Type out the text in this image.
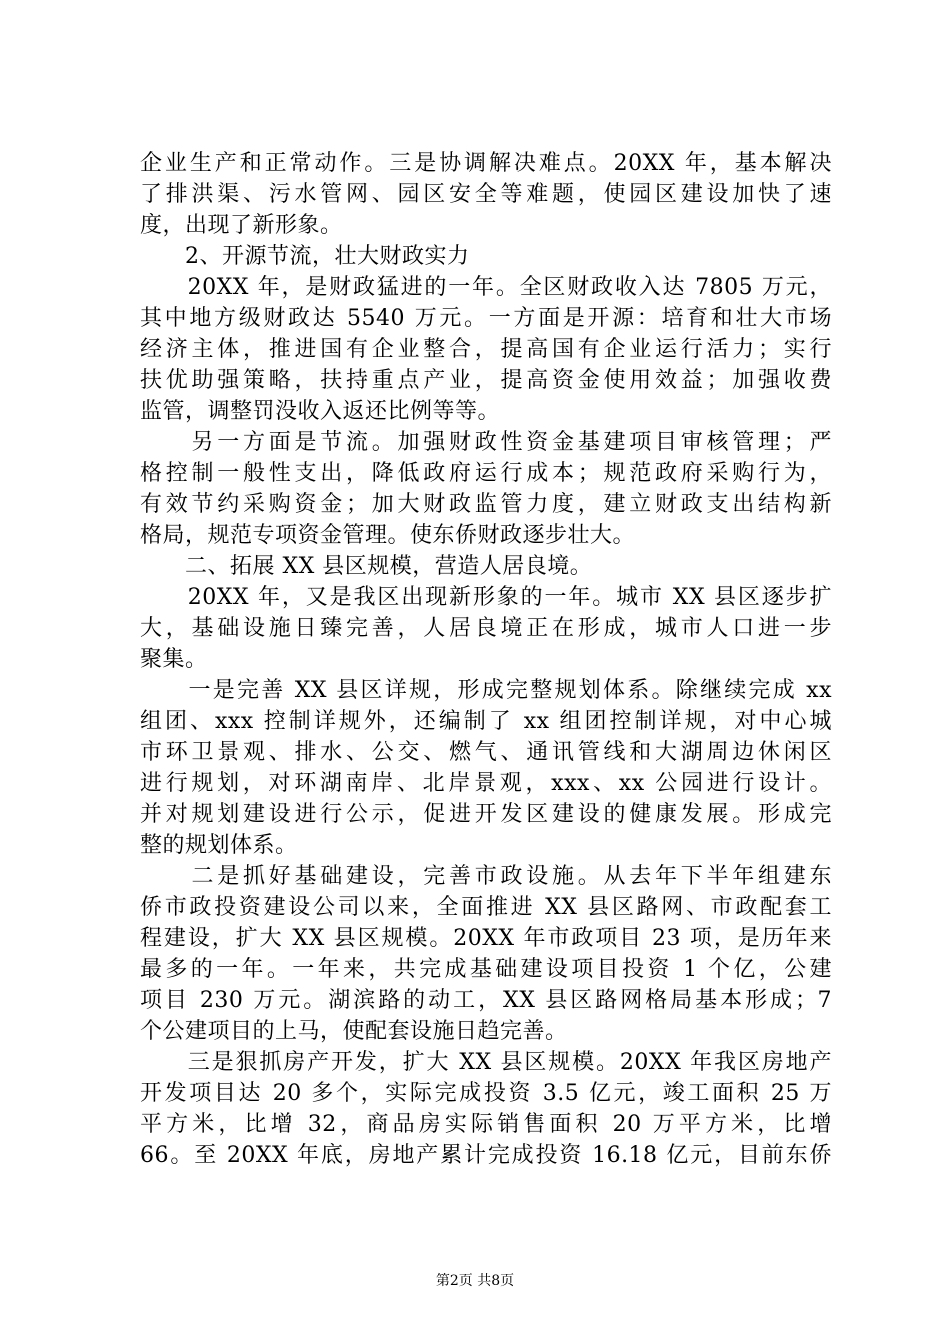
企业生产和正常动作。三是协调解决难点。20XX 年，基本解决
了排洪渠、污水管网、园区安全等难题，使园区建设加快了速
度，出现了新形象。
　　2、开源节流，壮大财政实力
　　20XX 年，是财政猛进的一年。全区财政收入达 7805 万元，
其中地方级财政达 5540 万元。一方面是开源：培育和壮大市场
经济主体，推进国有企业整合，提高国有企业运行活力；实行
扶优助强策略，扶持重点产业，提高资金使用效益；加强收费
监管，调整罚没收入返还比例等等。
　　另一方面是节流。加强财政性资金基建项目审核管理；严
格控制一般性支出，降低政府运行成本；规范政府采购行为，
有效节约采购资金；加大财政监管力度，建立财政支出结构新
格局，规范专项资金管理。使东侨财政逐步壮大。
　　二、拓展 XX 县区规模，营造人居良境。
　　20XX 年，又是我区出现新形象的一年。城市 XX 县区逐步扩
大，基础设施日臻完善，人居良境正在形成，城市人口进一步
聚集。
　　一是完善 XX 县区详规，形成完整规划体系。除继续完成 xx
组团、xxx 控制详规外，还编制了 xx 组团控制详规，对中心城
市环卫景观、排水、公交、燃气、通讯管线和大湖周边休闲区
进行规划，对环湖南岸、北岸景观，xxx、xx 公园进行设计。
并对规划建设进行公示，促进开发区建设的健康发展。形成完
整的规划体系。
　　二是抓好基础建设，完善市政设施。从去年下半年组建东
侨市政投资建设公司以来，全面推进 XX 县区路网、市政配套工
程建设，扩大 XX 县区规模。20XX 年市政项目 23 项，是历年来
最多的一年。一年来，共完成基础建设项目投资 1 个亿，公建
项目 230 万元。湖滨路的动工，XX 县区路网格局基本形成；7
个公建项目的上马，使配套设施日趋完善。
　　三是狠抓房产开发，扩大 XX 县区规模。20XX 年我区房地产
开发项目达 20 多个，实际完成投资 3.5 亿元，竣工面积 25 万
平方米，比增 32，商品房实际销售面积 20 万平方米，比增
66。至 20XX 年底，房地产累计完成投资 16.18 亿元，目前东侨
第2页 共8页
